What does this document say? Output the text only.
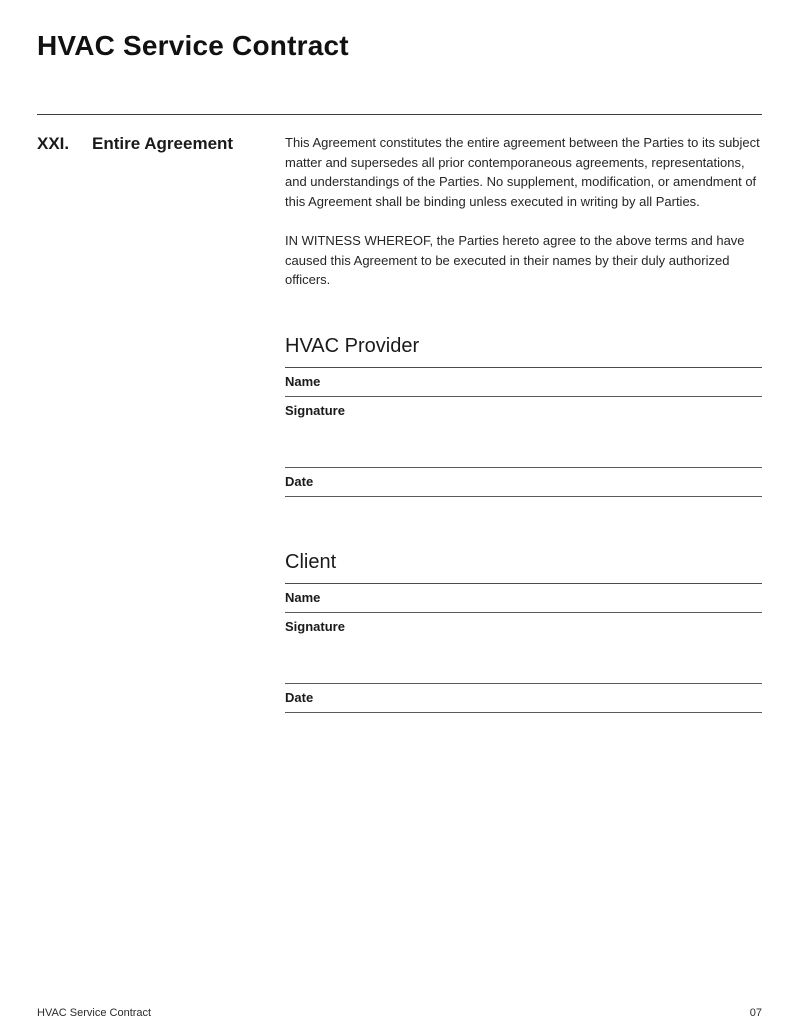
HVAC Service Contract
XXI.	Entire Agreement	This Agreement constitutes the entire agreement between the Parties to its subject matter and supersedes all prior contemporaneous agreements, representations, and understandings of the Parties. No supplement, modification, or amendment of this Agreement shall be binding unless executed in writing by all Parties.

IN WITNESS WHEREOF, the Parties hereto agree to the above terms and have caused this Agreement to be executed in their names by their duly authorized officers.

HVAC Provider
Name
Signature
Date
Client
Name
Signature
Date
HVAC Service Contract	07
